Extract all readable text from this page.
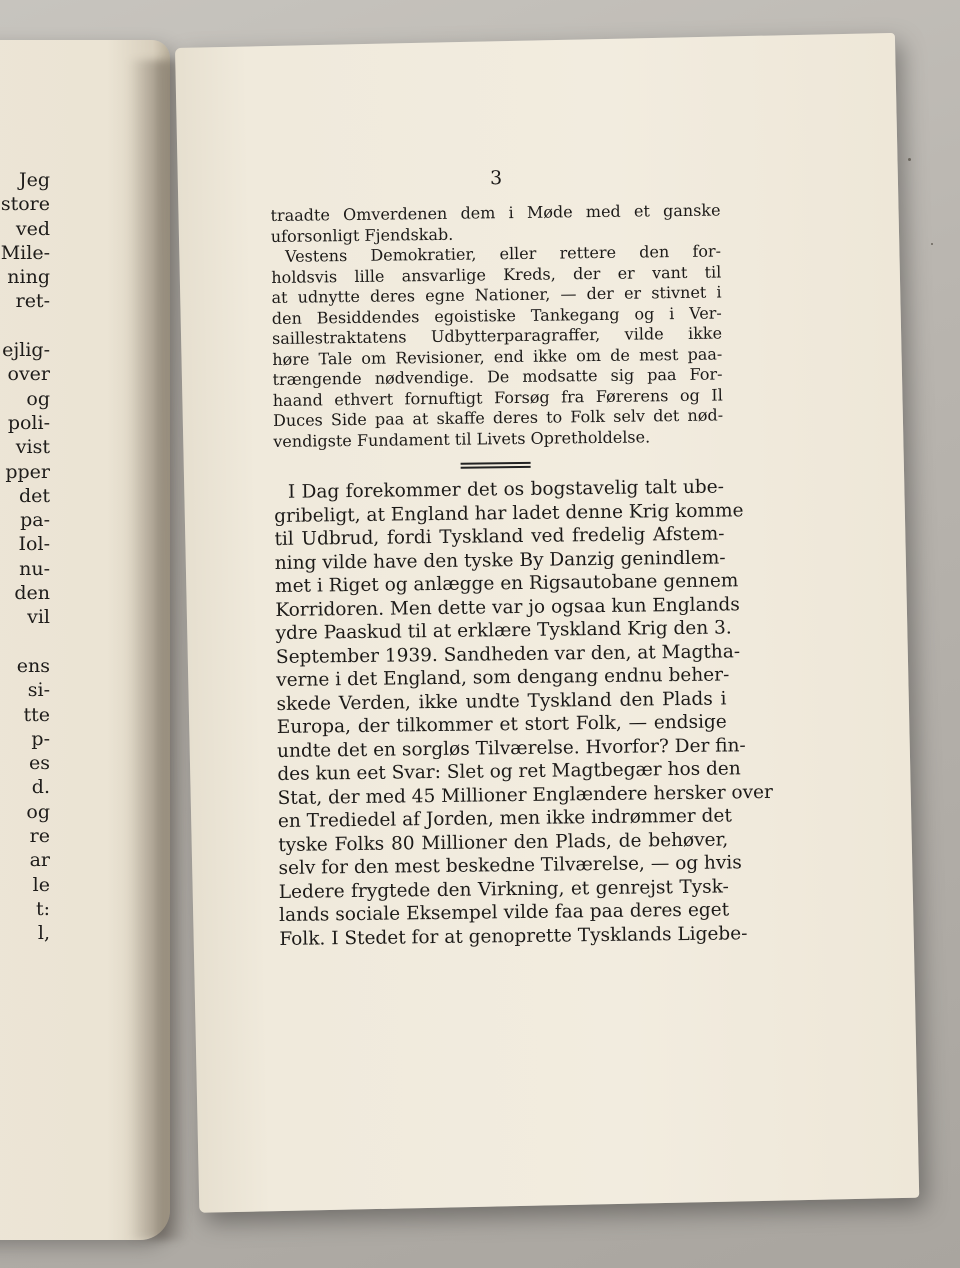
Jeg
store
ved
Mile-
ning
ret-
ejlig-
over
og
poli-
vist
pper
det
pa-
Iol-
nu-
den
vil
ens
si-
tte
p-
es
d.
og
re
ar
le
t:
l,
3
traadte Omverdenen dem i Møde med et ganske
uforsonligt Fjendskab.
Vestens Demokratier, eller rettere den for-
holdsvis lille ansvarlige Kreds, der er vant til
at udnytte deres egne Nationer, — der er stivnet i
den Besiddendes egoistiske Tankegang og i Ver-
saillestraktatens Udbytterparagraffer, vilde ikke
høre Tale om Revisioner, end ikke om de mest paa-
trængende nødvendige. De modsatte sig paa For-
haand ethvert fornuftigt Forsøg fra Førerens og Il
Duces Side paa at skaffe deres to Folk selv det nød-
vendigste Fundament til Livets Opretholdelse.
I Dag forekommer det os bogstavelig talt ube-
gribeligt, at England har ladet denne Krig komme
til Udbrud, fordi Tyskland ved fredelig Afstem-
ning vilde have den tyske By Danzig genindlem-
met i Riget og anlægge en Rigsautobane gennem
Korridoren. Men dette var jo ogsaa kun Englands
ydre Paaskud til at erklære Tyskland Krig den 3.
September 1939. Sandheden var den, at Magtha-
verne i det England, som dengang endnu beher-
skede Verden, ikke undte Tyskland den Plads i
Europa, der tilkommer et stort Folk, — endsige
undte det en sorgløs Tilværelse. Hvorfor? Der fin-
des kun eet Svar: Slet og ret Magtbegær hos den
Stat, der med 45 Millioner Englændere hersker over
en Trediedel af Jorden, men ikke indrømmer det
tyske Folks 80 Millioner den Plads, de behøver,
selv for den mest beskedne Tilværelse, — og hvis
Ledere frygtede den Virkning, et genrejst Tysk-
lands sociale Eksempel vilde faa paa deres eget
Folk. I Stedet for at genoprette Tysklands Ligebe-
